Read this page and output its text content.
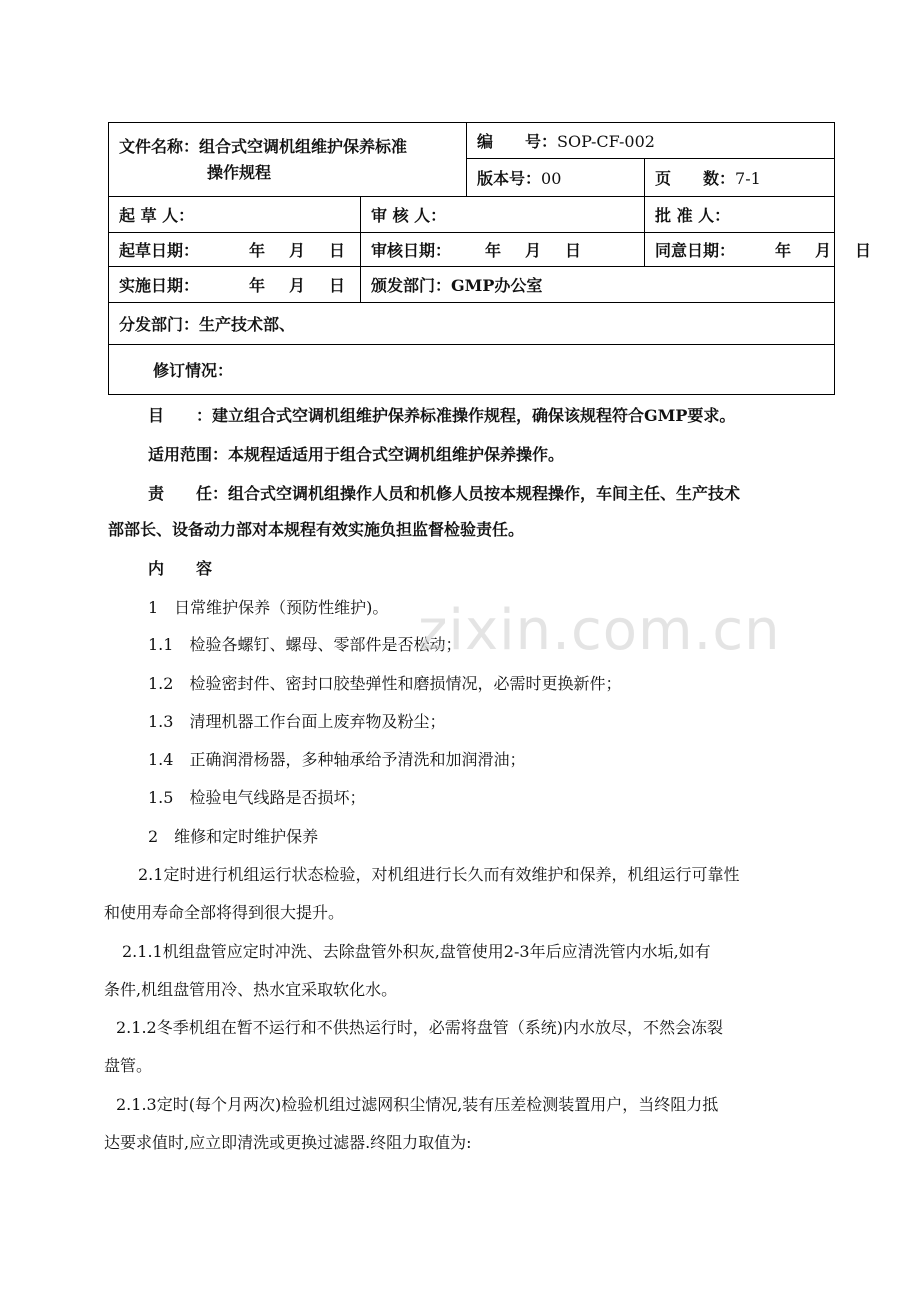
文件名称：组合式空调机组维护保养标准
操作规程		编　　号：SOP-CF-002	
		版本号：00	页　　数：7-1
起 草 人：	审 核 人：		批 准 人：
起草日期： 年 月 日	审核日期： 年 月 日		同意日期： 年 月 日
实施日期： 年 月 日	颁发部门：GMP办公室		
分发部门：生产技术部、			
修订情况：			
目　　：建立组合式空调机组维护保养标准操作规程，确保该规程符合GMP要求。
适用范围：本规程适适用于组合式空调机组维护保养操作。
责　　任：组合式空调机组操作人员和机修人员按本规程操作，车间主任、生产技术
部部长、设备动力部对本规程有效实施负担监督检验责任。
内　　容
1　日常维护保养（预防性维护)。
1.1　检验各螺钉、螺母、零部件是否松动；
1.2　检验密封件、密封口胶垫弹性和磨损情况，必需时更换新件；
1.3　清理机器工作台面上废弃物及粉尘；
1.4　正确润滑杨器，多种轴承给予清洗和加润滑油；
1.5　检验电气线路是否损坏；
2　维修和定时维护保养
2.1定时进行机组运行状态检验，对机组进行长久而有效维护和保养，机组运行可靠性
和使用寿命全部将得到很大提升。
2.1.1机组盘管应定时冲洗、去除盘管外积灰,盘管使用2-3年后应清洗管内水垢,如有
条件,机组盘管用冷、热水宜采取软化水。
2.1.2冬季机组在暂不运行和不供热运行时，必需将盘管（系统)内水放尽，不然会冻裂
盘管。
2.1.3定时(每个月两次)检验机组过滤网积尘情况,装有压差检测装置用户，当终阻力抵
达要求值时,应立即清洗或更换过滤器.终阻力取值为:
zixin.com.cn
